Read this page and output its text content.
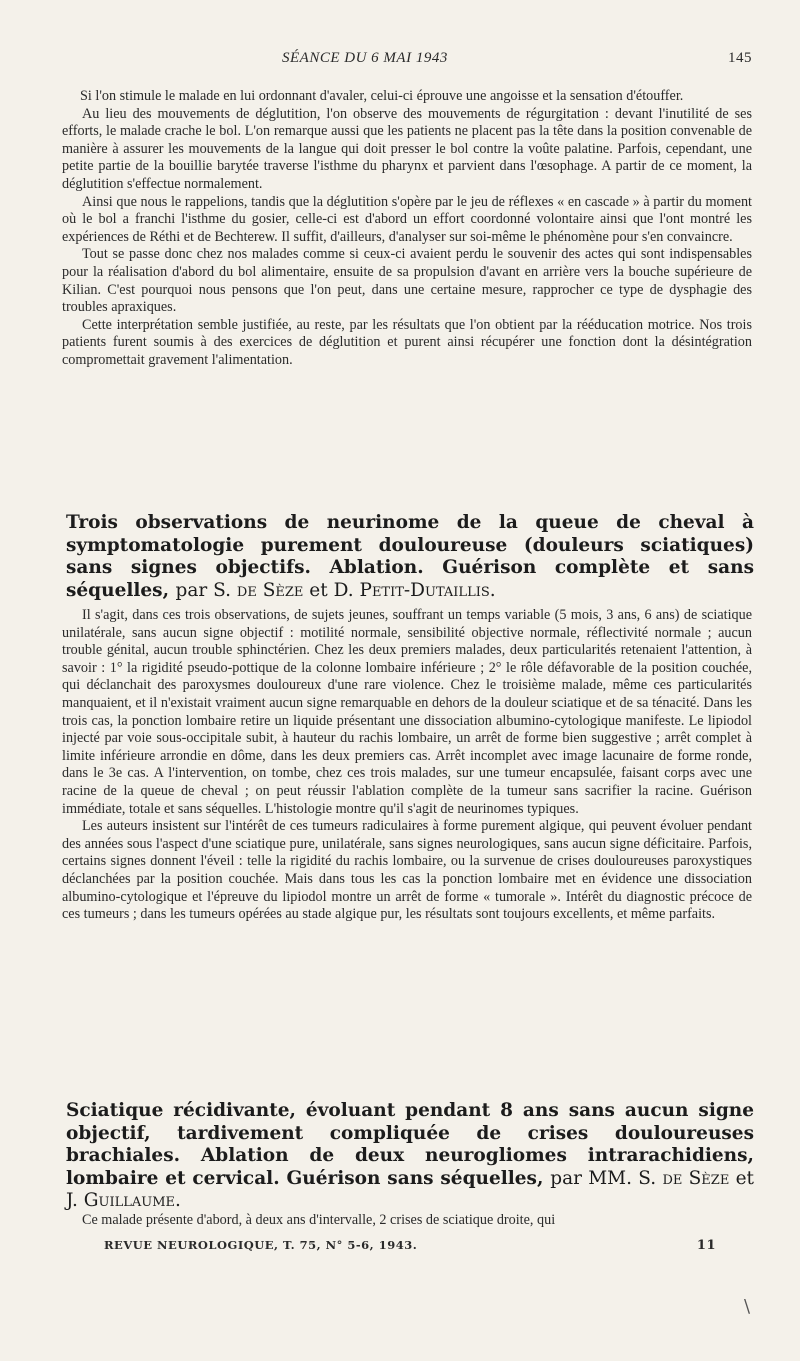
SÉANCE DU 6 MAI 1943	145

Si l'on stimule le malade en lui ordonnant d'avaler, celui-ci éprouve une angoisse et la sensation d'étouffer.

Au lieu des mouvements de déglutition, l'on observe des mouvements de régurgitation : devant l'inutilité de ses efforts, le malade crache le bol. L'on remarque aussi que les patients ne placent pas la tête dans la position convenable de manière à assurer les mouvements de la langue qui doit presser le bol contre la voûte palatine. Parfois, cependant, une petite partie de la bouillie barytée traverse l'isthme du pharynx et parvient dans l'œsophage. A partir de ce moment, la déglutition s'effectue normalement.

Ainsi que nous le rappelions, tandis que la déglutition s'opère par le jeu de réflexes « en cascade » à partir du moment où le bol a franchi l'isthme du gosier, celle-ci est d'abord un effort coordonné volontaire ainsi que l'ont montré les expériences de Réthi et de Bechterew. Il suffit, d'ailleurs, d'analyser sur soi-même le phénomène pour s'en convaincre.

Tout se passe donc chez nos malades comme si ceux-ci avaient perdu le souvenir des actes qui sont indispensables pour la réalisation d'abord du bol alimentaire, ensuite de sa propulsion d'avant en arrière vers la bouche supérieure de Kilian. C'est pourquoi nous pensons que l'on peut, dans une certaine mesure, rapprocher ce type de dysphagie des troubles apraxiques.

Cette interprétation semble justifiée, au reste, par les résultats que l'on obtient par la rééducation motrice. Nos trois patients furent soumis à des exercices de déglutition et purent ainsi récupérer une fonction dont la désintégration compromettait gravement l'alimentation.

Trois observations de neurinome de la queue de cheval à symptomatologie purement douloureuse (douleurs sciatiques) sans signes objectifs. Ablation. Guérison complète et sans séquelles, par S. de Sèze et D. Petit-Dutaillis.

Il s'agit, dans ces trois observations, de sujets jeunes, souffrant un temps variable (5 mois, 3 ans, 6 ans) de sciatique unilatérale, sans aucun signe objectif : motilité normale, sensibilité objective normale, réflectivité normale ; aucun trouble génital, aucun trouble sphinctérien. Chez les deux premiers malades, deux particularités retenaient l'attention, à savoir : 1° la rigidité pseudo-pottique de la colonne lombaire inférieure ; 2° le rôle défavorable de la position couchée, qui déclanchait des paroxysmes douloureux d'une rare violence. Chez le troisième malade, même ces particularités manquaient, et il n'existait vraiment aucun signe remarquable en dehors de la douleur sciatique et de sa ténacité. Dans les trois cas, la ponction lombaire retire un liquide présentant une dissociation albumino-cytologique manifeste. Le lipiodol injecté par voie sous-occipitale subit, à hauteur du rachis lombaire, un arrêt de forme bien suggestive ; arrêt complet à limite inférieure arrondie en dôme, dans les deux premiers cas. Arrêt incomplet avec image lacunaire de forme ronde, dans le 3e cas. A l'intervention, on tombe, chez ces trois malades, sur une tumeur encapsulée, faisant corps avec une racine de la queue de cheval ; on peut réussir l'ablation complète de la tumeur sans sacrifier la racine. Guérison immédiate, totale et sans séquelles. L'histologie montre qu'il s'agit de neurinomes typiques.

Les auteurs insistent sur l'intérêt de ces tumeurs radiculaires à forme purement algique, qui peuvent évoluer pendant des années sous l'aspect d'une sciatique pure, unilatérale, sans signes neurologiques, sans aucun signe déficitaire. Parfois, certains signes donnent l'éveil : telle la rigidité du rachis lombaire, ou la survenue de crises douloureuses paroxystiques déclanchées par la position couchée. Mais dans tous les cas la ponction lombaire met en évidence une dissociation albumino-cytologique et l'épreuve du lipiodol montre un arrêt de forme « tumorale ». Intérêt du diagnostic précoce de ces tumeurs ; dans les tumeurs opérées au stade algique pur, les résultats sont toujours excellents, et même parfaits.

Sciatique récidivante, évoluant pendant 8 ans sans aucun signe objectif, tardivement compliquée de crises douloureuses brachiales. Ablation de deux neurogliomes intrarachidiens, lombaire et cervical. Guérison sans séquelles, par MM. S. de Sèze et J. Guillaume.

Ce malade présente d'abord, à deux ans d'intervalle, 2 crises de sciatique droite, qui

REVUE NEUROLOGIQUE, T. 75, N° 5-6, 1943.	11
\
